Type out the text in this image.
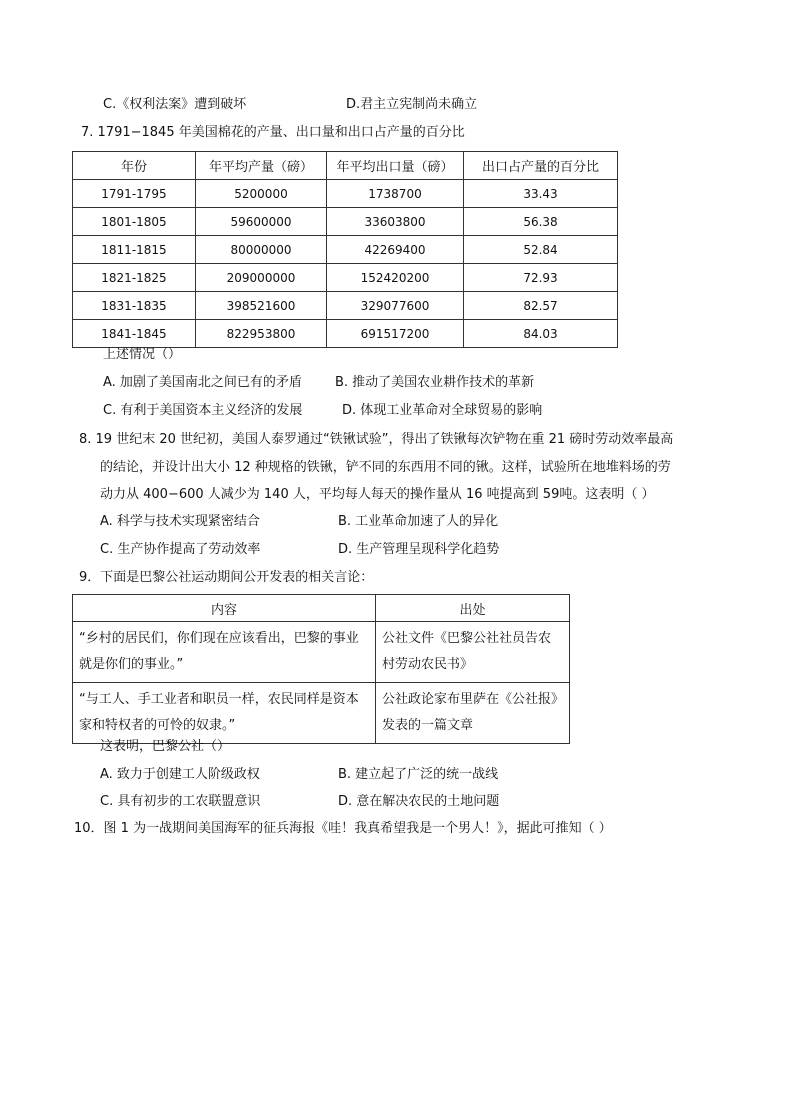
C.《权利法案》遭到破坏	D.君主立宪制尚未确立
7. 1791−1845 年美国棉花的产量、出口量和出口占产量的百分比
年份	年平均产量（磅）	年平均出口量（磅）	出口占产量的百分比
1791-1795	5200000	1738700	33.43
1801-1805	59600000	33603800	56.38
1811-1815	80000000	42269400	52.84
1821-1825	209000000	152420200	72.93
1831-1835	398521600	329077600	82.57
1841-1845	822953800	691517200	84.03
上述情况（）
A. 加剧了美国南北之间已有的矛盾	B. 推动了美国农业耕作技术的革新
C. 有利于美国资本主义经济的发展	D. 体现工业革命对全球贸易的影响
8. 19 世纪末 20 世纪初，美国人泰罗通过“铁锹试验”，得出了铁锹每次铲物在重 21 磅时劳动效率最高
的结论，并设计出大小 12 种规格的铁锹，铲不同的东西用不同的锹。这样，试验所在地堆料场的劳
动力从 400−600 人减少为 140 人，平均每人每天的操作量从 16 吨提高到 59吨。这表明（ ）
A. 科学与技术实现紧密结合	B. 工业革命加速了人的异化
C. 生产协作提高了劳动效率	D. 生产管理呈现科学化趋势
9．下面是巴黎公社运动期间公开发表的相关言论：
内容	出处
“乡村的居民们，你们现在应该看出，巴黎的事业就是你们的事业。”	公社文件《巴黎公社社员告农村劳动农民书》
“与工人、手工业者和职员一样，农民同样是资本家和特权者的可怜的奴隶。”	公社政论家布里萨在《公社报》发表的一篇文章
这表明，巴黎公社（）
A. 致力于创建工人阶级政权	B. 建立起了广泛的统一战线
C. 具有初步的工农联盟意识	D. 意在解决农民的土地问题
10．图 1 为一战期间美国海军的征兵海报《哇！我真希望我是一个男人！》，据此可推知（ ）
